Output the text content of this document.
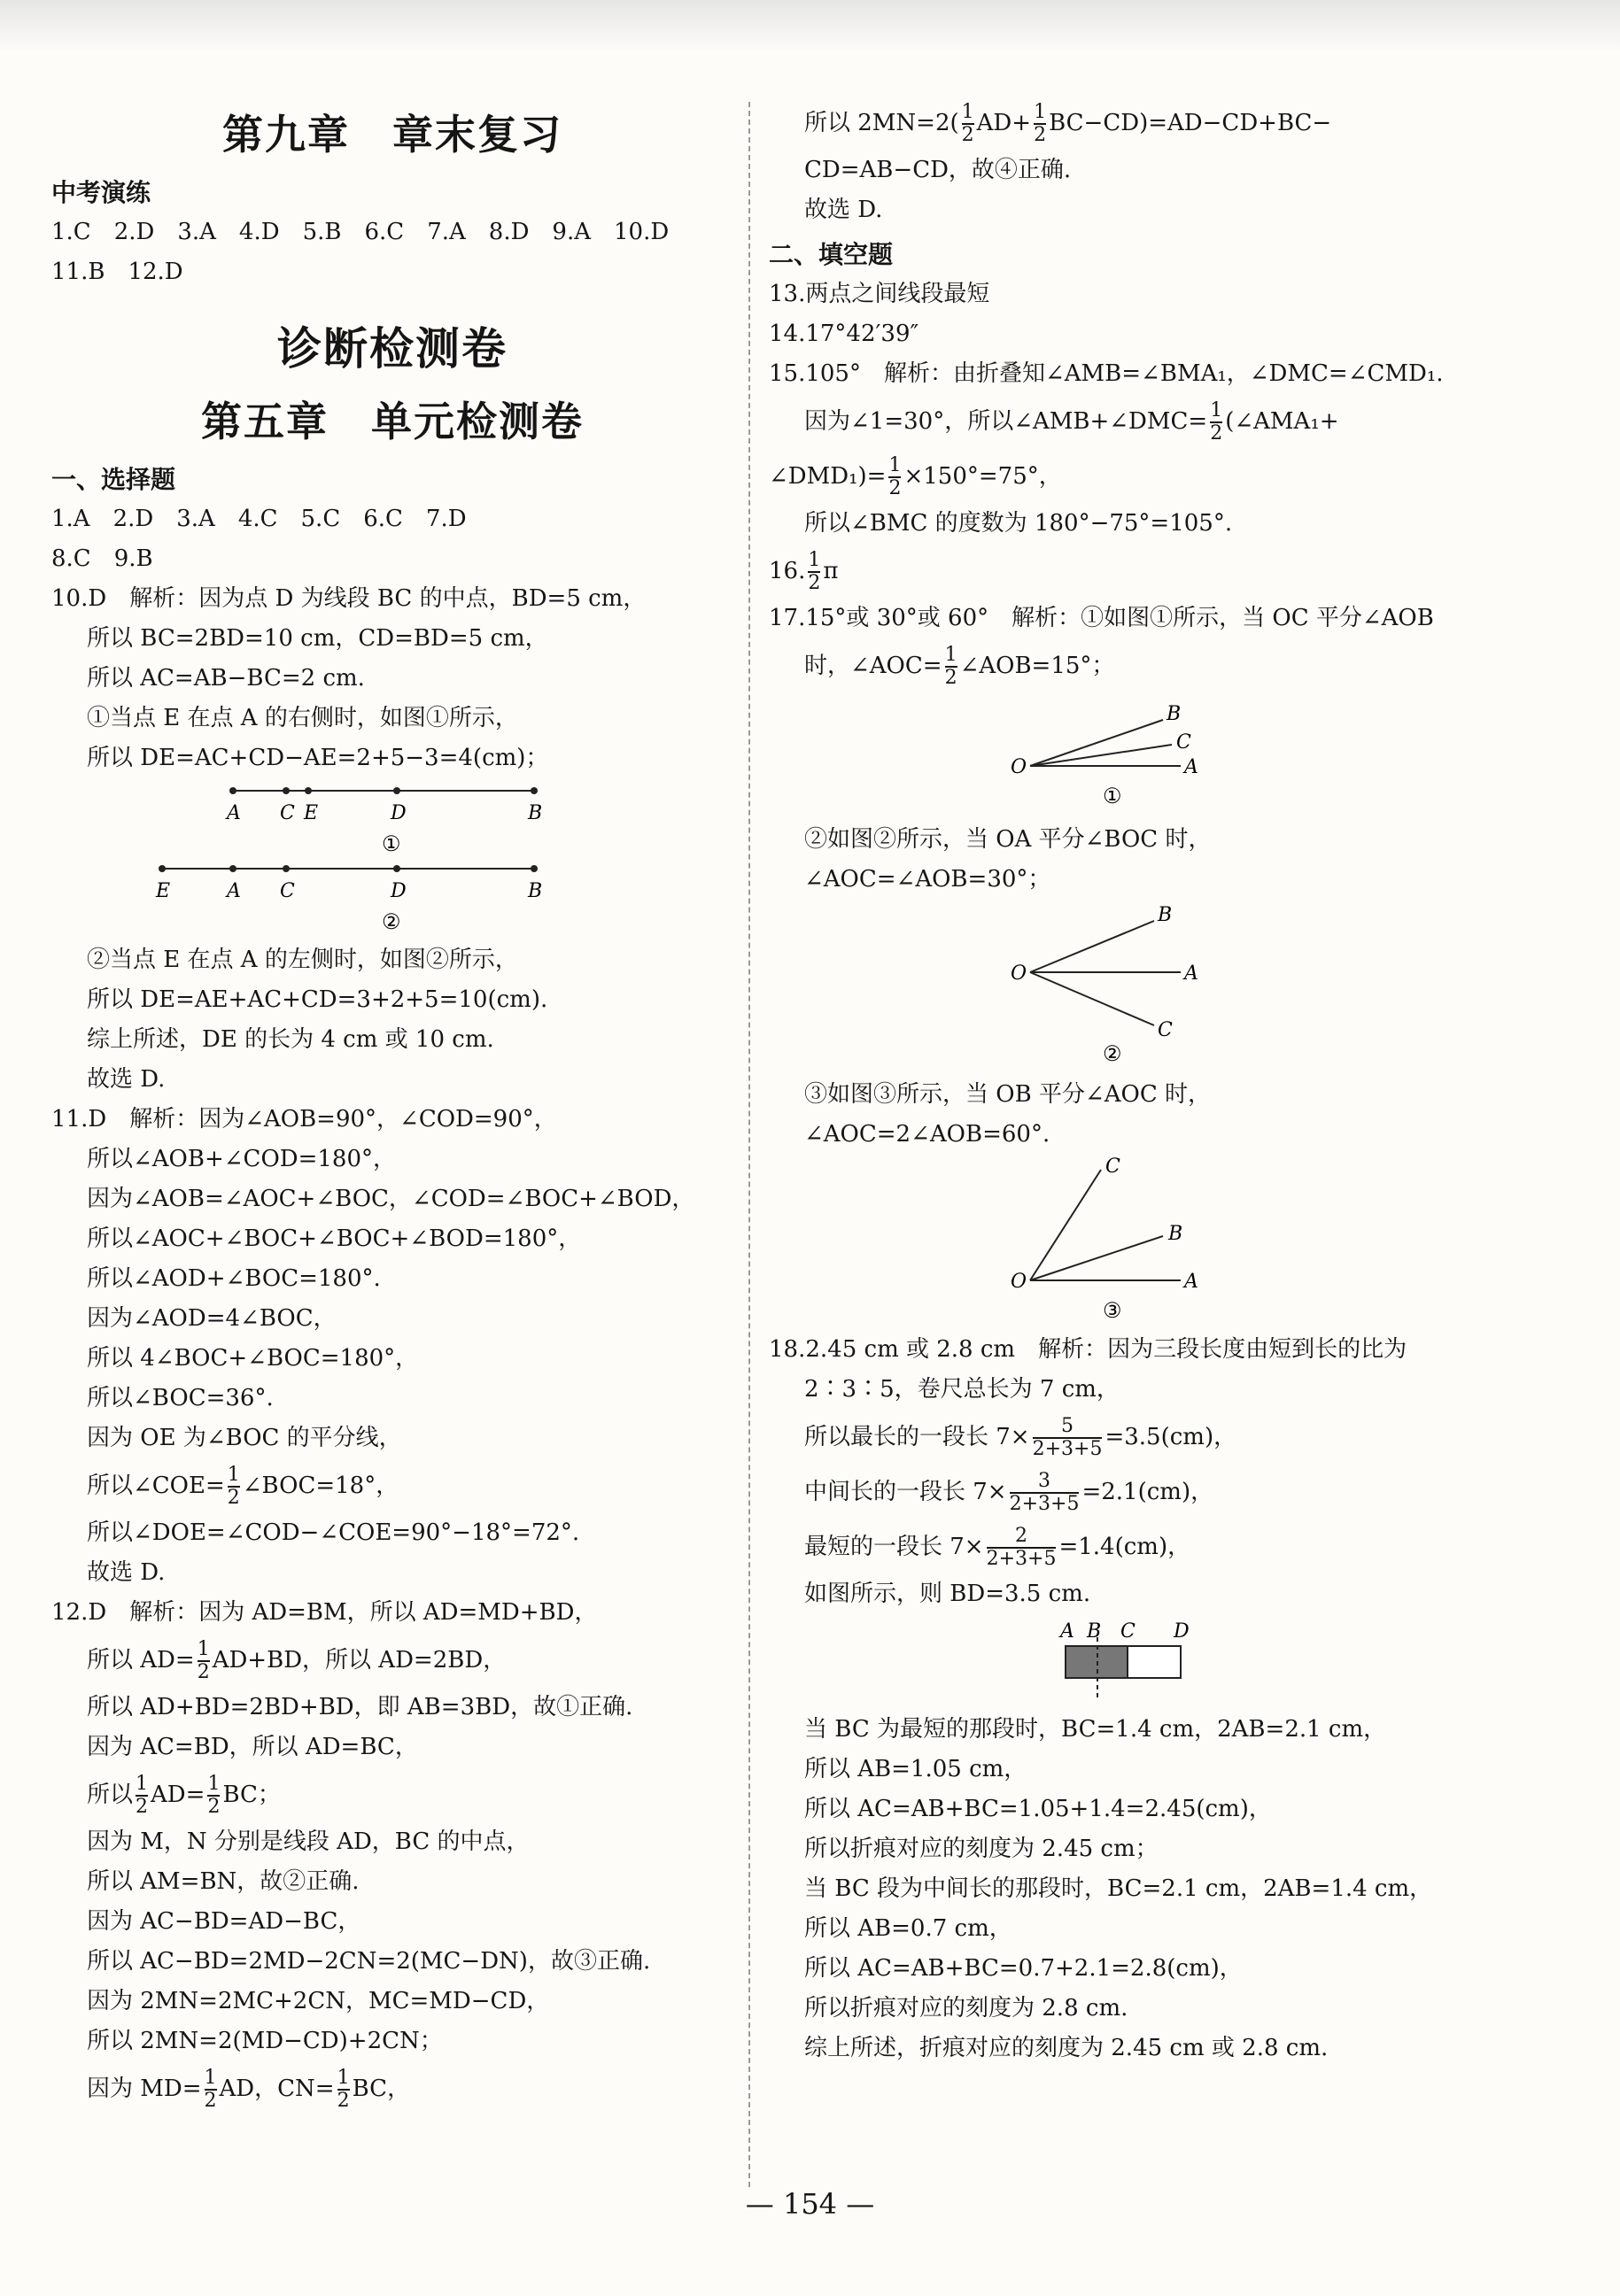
第九章　章末复习
中考演练
1.C　2.D　3.A　4.D　5.B　6.C　7.A　8.D　9.A　10.D
11.B　12.D
诊断检测卷
第五章　单元检测卷
一、选择题
1.A　2.D　3.A　4.C　5.C　6.C　7.D
8.C　9.B
10.D　解析：因为点 D 为线段 BC 的中点，BD=5 cm，
所以 BC=2BD=10 cm，CD=BD=5 cm，
所以 AC=AB−BC=2 cm.
①当点 E 在点 A 的右侧时，如图①所示，
所以 DE=AC+CD−AE=2+5−3=4(cm)；
A C E	D	B
①
E	A C	D	B
②
②当点 E 在点 A 的左侧时，如图②所示，
所以 DE=AE+AC+CD=3+2+5=10(cm).
综上所述，DE 的长为 4 cm 或 10 cm.
故选 D.
11.D　解析：因为∠AOB=90°，∠COD=90°，
所以∠AOB+∠COD=180°，
因为∠AOB=∠AOC+∠BOC，∠COD=∠BOC+∠BOD，
所以∠AOC+∠BOC+∠BOC+∠BOD=180°，
所以∠AOD+∠BOC=180°.
因为∠AOD=4∠BOC，
所以 4∠BOC+∠BOC=180°，
所以∠BOC=36°.
因为 OE 为∠BOC 的平分线，
所以∠COE= $\frac{1}{2}$ ∠BOC=18°，
所以∠DOE=∠COD−∠COE=90°−18°=72°.
故选 D.
12.D　解析：因为 AD=BM，所以 AD=MD+BD，
所以 $AD= \frac{1}{2} AD+BD$，所以 AD=2BD，
所以 AD+BD=2BD+BD，即 AB=3BD，故①正确.
因为 AC=BD，所以 AD=BC，
所以 $\frac{1}{2} AD= \frac{1}{2}$ BC；
因为 M，N 分别是线段 AD，BC 的中点，
所以 AM=BN，故②正确.
因为 AC−BD=AD−BC，
所以 AC−BD=2MD−2CN=2(MC−DN)，故③正确.
因为 2MN=2MC+2CN，MC=MD−CD，
所以 2MN=2(MD−CD)+2CN；
因为 $MD= \frac{1}{2}$ AD，$CN= \frac{1}{2}$ BC，
所以 $2MN=2( \frac{1}{2} AD+ \frac{1}{2} BC-CD)=AD-CD+BC-$
CD=AB−CD，故④正确.
故选 D.
二、填空题
13.两点之间线段最短
14.17°42′39″
15.105°　解析：由折叠知∠AMB=∠BMA₁，∠DMC=∠CMD₁.
因为∠1=30°，所以∠AMB+∠DMC= $\frac{1}{2}$ (∠AMA₁+
∠DMD₁)= $\frac{1}{2} \times 150^\circ=75^\circ$，
所以∠BMC 的度数为 180°−75°=105°.
16. $\frac{1}{2}$ π
17.15°或 30°或 60°　解析：①如图①所示，当 OC 平分∠AOB
时，∠AOC= $\frac{1}{2}$ ∠AOB=15°；
O	A
C
B
①
②如图②所示，当 OA 平分∠BOC 时，
∠AOC=∠AOB=30°；
O	A
B
C
②
③如图③所示，当 OB 平分∠AOC 时，
∠AOC=2∠AOB=60°.
O	A
B
C
③
18.2.45 cm 或 2.8 cm　解析：因为三段长度由短到长的比为
2∶3∶5，卷尺总长为 7 cm，
所以最长的一段长 $7\times \frac{5}{2+3+5} =3.5(cm)$，
中间长的一段长 $7\times \frac{3}{2+3+5} =2.1(cm)$，
最短的一段长 $7\times \frac{2}{2+3+5} =1.4(cm)$，
如图所示，则 BD=3.5 cm.
A B C D
当 BC 为最短的那段时，BC=1.4 cm，2AB=2.1 cm，
所以 AB=1.05 cm，
所以 AC=AB+BC=1.05+1.4=2.45(cm)，
所以折痕对应的刻度为 2.45 cm；
当 BC 段为中间长的那段时，BC=2.1 cm，2AB=1.4 cm，
所以 AB=0.7 cm，
所以 AC=AB+BC=0.7+2.1=2.8(cm)，
所以折痕对应的刻度为 2.8 cm.
综上所述，折痕对应的刻度为 2.45 cm 或 2.8 cm.
— 154 —
